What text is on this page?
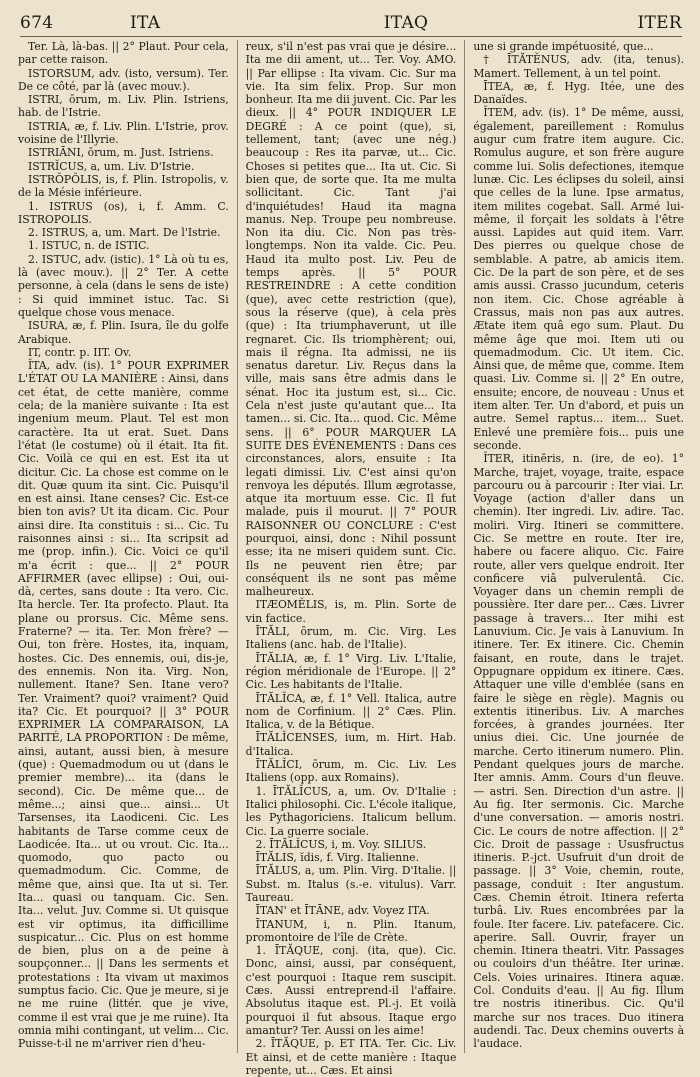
674	ITA	ITAQ	ITER

Ter. Là, là-bas. || 2° Plaut. Pour cela, par cette raison.

ISTORSUM, adv. (isto, versum). Ter. De ce côté, par là (avec mouv.).

ISTRI, ōrum, m. Liv. Plin. Istriens, hab. de l'Istrie.

ISTRIA, æ, f. Liv. Plin. L'Istrie, prov. voisine de l'Illyrie.

ISTRIĀNI, ōrum, m. Just. Istriens.

ISTRĬCUS, a, um. Liv. D'Istrie.

ISTRŎPŎLIS, is, f. Plin. Istropolis, v. de la Mésie inférieure.

1. ISTRUS (os), i, f. Amm. C. ISTROPOLIS.

2. ISTRUS, a, um. Mart. De l'Istrie.

1. ISTUC, n. de ISTIC.

2. ISTUC, adv. (istic). 1° Là où tu es, là (avec mouv.). || 2° Ter. A cette personne, à cela (dans le sens de iste) : Si quid imminet istuc. Tac. Si quelque chose vous menace.

ISURA, æ, f. Plin. Isura, île du golfe Arabique.

IT, contr. p. IIT. Ov.

ĬTA, adv. (is). 1° POUR EXPRIMER L'ÉTAT OU LA MANIÈRE : Ainsi, dans cet état, de cette manière, comme cela; de la manière suivante : Ita est ingenium meum. Plaut. Tel est mon caractère. Ita ut erat. Suet. Dans l'état (le costume) où il était. Ita fit. Cic. Voilà ce qui en est. Est ita ut dicitur. Cic. La chose est comme on le dit. Quæ quum ita sint. Cic. Puisqu'il en est ainsi. Itane censes? Cic. Est-ce bien ton avis? Ut ita dicam. Cic. Pour ainsi dire. Ita constituis : si... Cic. Tu raisonnes ainsi : si... Ita scripsit ad me (prop. infin.). Cic. Voici ce qu'il m'a écrit : que... || 2° POUR AFFIRMER (avec ellipse) : Oui, oui-dà, certes, sans doute : Ita vero. Cic. Ita hercle. Ter. Ita profecto. Plaut. Ita plane ou prorsus. Cic. Même sens. Fraterne? — ita. Ter. Mon frère? — Oui, ton frère. Hostes, ita, inquam, hostes. Cic. Des ennemis, oui, dis-je, des ennemis. Non ita. Virg. Non, nullement. Itane? Sen. Itane vero? Ter. Vraiment? quoi? vraiment? Quid ita? Cic. Et pourquoi? || 3° POUR EXPRIMER LA COMPARAISON, LA PARITÉ, LA PROPORTION : De même, ainsi, autant, aussi bien, à mesure (que) : Quemadmodum ou ut (dans le premier membre)... ita (dans le second). Cic. De même que... de même...; ainsi que... ainsi... Ut Tarsenses, ita Laodiceni. Cic. Les habitants de Tarse comme ceux de Laodicée. Ita... ut ou vrout. Cic. Ita... quomodo, quo pacto ou quemadmodum. Cic. Comme, de même que, ainsi que. Ita ut si. Ter. Ita... quasi ou tanquam. Cic. Sen. Ita... velut. Juv. Comme si. Ut quisque est vir optimus, ita difficillime suspicatur... Cic. Plus on est homme de bien, plus on a de peine à soupçonner... || Dans les serments et protestations : Ita vivam ut maximos sumptus facio. Cic. Que je meure, si je ne me ruine (littér. que je vive, comme il est vrai que je me ruine). Ita omnia mihi contingant, ut velim... Cic. Puisse-t-il ne m'arriver rien d'heu-

reux, s'il n'est pas vrai que je désire... Ita me dii ament, ut... Ter. Voy. AMO. || Par ellipse : Ita vivam. Cic. Sur ma vie. Ita sim felix. Prop. Sur mon bonheur. Ita me dii juvent. Cic. Par les dieux. || 4° POUR INDIQUER LE DEGRÉ : A ce point (que), si, tellement, tant; (avec une nég.) beaucoup : Res ita parvæ, ut... Cic. Choses si petites que... Ita ut. Cic. Si bien que, de sorte que. Ita me multa sollicitant. Cic. Tant j'ai d'inquiétudes! Haud ita magna manus. Nep. Troupe peu nombreuse. Non ita diu. Cic. Non pas très-longtemps. Non ita valde. Cic. Peu. Haud ita multo post. Liv. Peu de temps après. || 5° POUR RESTREINDRE : A cette condition (que), avec cette restriction (que), sous la réserve (que), à cela près (que) : Ita triumphaverunt, ut ille regnaret. Cic. Ils triomphèrent; oui, mais il régna. Ita admissi, ne iis senatus daretur. Liv. Reçus dans la ville, mais sans être admis dans le sénat. Hoc ita justum est, si... Cic. Cela n'est juste qu'autant que... Ita tamen... si. Cic. Ita... quod. Cic. Même sens. || 6° POUR MARQUER LA SUITE DES ÉVÉNEMENTS : Dans ces circonstances, alors, ensuite : Ita legati dimissi. Liv. C'est ainsi qu'on renvoya les députés. Illum ægrotasse, atque ita mortuum esse. Cic. Il fut malade, puis il mourut. || 7° POUR RAISONNER OU CONCLURE : C'est pourquoi, ainsi, donc : Nihil possunt esse; ita ne miseri quidem sunt. Cic. Ils ne peuvent rien être; par conséquent ils ne sont pas même malheureux.

ITÆOMĔLIS, is, m. Plin. Sorte de vin factice.

ĪTĂLI, ōrum, m. Cic. Virg. Les Italiens (anc. hab. de l'Italie).

ĪTĂLIA, æ, f. 1° Virg. Liv. L'Italie, région méridionale de l'Europe. || 2° Cic. Les habitants de l'Italie.

ĪTĂLĬCA, æ, f. 1° Vell. Italica, autre nom de Corfinium. || 2° Cæs. Plin. Italica, v. de la Bétique.

ĪTĂLĬCENSES, ium, m. Hirt. Hab. d'Italica.

ĪTĂLĬCI, ōrum, m. Cic. Liv. Les Italiens (opp. aux Romains).

1. ĪTĂLĬCUS, a, um. Ov. D'Italie : Italici philosophi. Cic. L'école italique, les Pythagoriciens. Italicum bellum. Cic. La guerre sociale.

2. ĪTĂLĬCUS, i, m. Voy. SILIUS.

ĪTĂLIS, ĭdis, f. Virg. Italienne.

ĪTĂLUS, a, um. Plin. Virg. D'Italie. || Subst. m. Italus (s.-e. vitulus). Varr. Taureau.

ĪTAN' et ĪTĀNE, adv. Voyez ITA.

ĪTANUM, i, n. Plin. Itanum, promontoire de l'île de Crète.

1. ĪTĂQUE, conj. (ita, que). Cic. Donc, ainsi, aussi, par conséquent, c'est pourquoi : Itaque rem suscipit. Cæs. Aussi entreprend-il l'affaire. Absolutus itaque est. Pl.-j. Et voilà pourquoi il fut absous. Itaque ergo amantur? Ter. Aussi on les aime!

2. ĪTĂQUE, p. ET ITA. Ter. Cic. Liv. Et ainsi, et de cette manière : Itaque repente, ut... Cæs. Et ainsi

une si grande impétuosité, que...

† ĪTĂTĔNUS, adv. (ita, tenus). Mamert. Tellement, à un tel point.

ĪTEA, æ, f. Hyg. Itée, une des Danaïdes.

ĬTEM, adv. (is). 1° De même, aussi, également, pareillement : Romulus augur cum fratre item augure. Cic. Romulus augure, et son frère augure comme lui. Solis defectiones, itemque lunæ. Cic. Les éclipses du soleil, ainsi que celles de la lune. Ipse armatus, item milites cogebat. Sall. Armé lui-même, il forçait les soldats à l'être aussi. Lapides aut quid item. Varr. Des pierres ou quelque chose de semblable. A patre, ab amicis item. Cic. De la part de son père, et de ses amis aussi. Crasso jucundum, ceteris non item. Cic. Chose agréable à Crassus, mais non pas aux autres. Ætate item quâ ego sum. Plaut. Du même âge que moi. Item uti ou quemadmodum. Cic. Ut item. Cic. Ainsi que, de même que, comme. Item quasi. Liv. Comme si. || 2° En outre, ensuite; encore, de nouveau : Unus et item alter. Ter. Un d'abord, et puis un autre. Semel raptus... item... Suet. Enlevé une première fois... puis une seconde.

ĬTER, itinĕris, n. (ire, de eo). 1° Marche, trajet, voyage, traite, espace parcouru ou à parcourir : Iter viai. Lr. Voyage (action d'aller dans un chemin). Iter ingredi. Liv. adire. Tac. moliri. Virg. Itineri se committere. Cic. Se mettre en route. Iter ire, habere ou facere aliquo. Cic. Faire route, aller vers quelque endroit. Iter conficere viâ pulverulentâ. Cic. Voyager dans un chemin rempli de poussière. Iter dare per... Cæs. Livrer passage à travers... Iter mihi est Lanuvium. Cic. Je vais à Lanuvium. In itinere. Ter. Ex itinere. Cic. Chemin faisant, en route, dans le trajet. Oppugnare oppidum ex itinere. Cæs. Attaquer une ville d'emblée (sans en faire le siège en règle). Magnis ou extentis itineribus. Liv. A marches forcées, à grandes journées. Iter unius diei. Cic. Une journée de marche. Certo itinerum numero. Plin. Pendant quelques jours de marche. Iter amnis. Amm. Cours d'un fleuve. — astri. Sen. Direction d'un astre. || Au fig. Iter sermonis. Cic. Marche d'une conversation. — amoris nostri. Cic. Le cours de notre affection. || 2° Cic. Droit de passage : Ususfructus itineris. P.-jct. Usufruit d'un droit de passage. || 3° Voie, chemin, route, passage, conduit : Iter angustum. Cæs. Chemin étroit. Itinera referta turbâ. Liv. Rues encombrées par la foule. Iter facere. Liv. patefacere. Cic. aperire. Sall. Ouvrir, frayer un chemin. Itinera theatri. Vitr. Passages ou couloirs d'un théâtre. Iter urinæ. Cels. Voies urinaires. Itinera aquæ. Col. Conduits d'eau. || Au fig. Illum tre nostris itineribus. Cic. Qu'il marche sur nos traces. Duo itinera audendi. Tac. Deux chemins ouverts à l'audace.
